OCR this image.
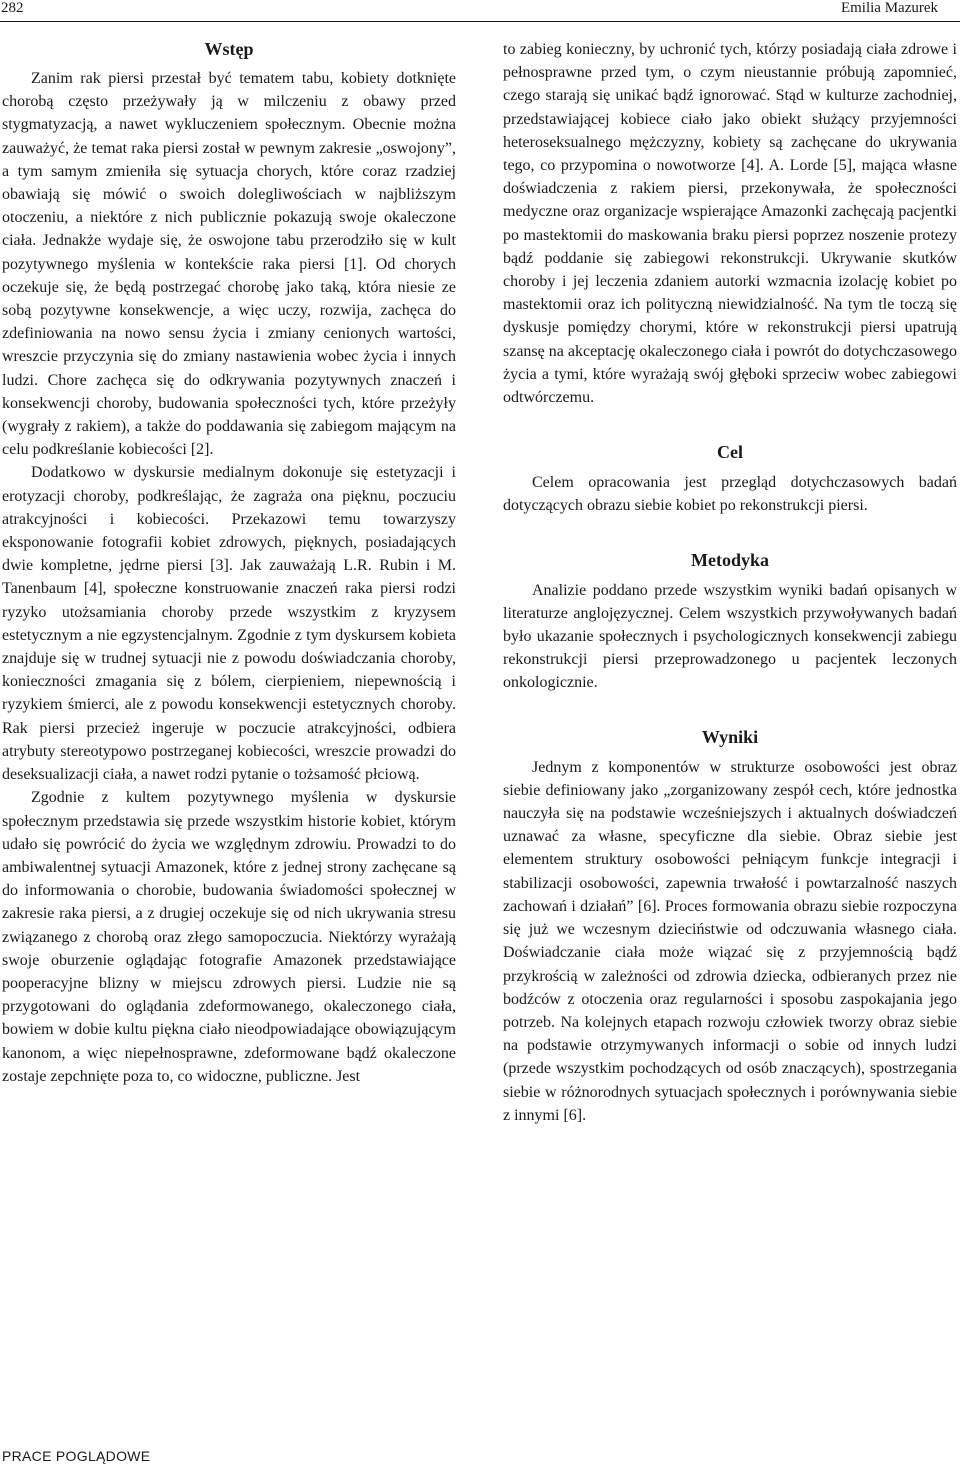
282	Emilia Mazurek
Wstęp

Zanim rak piersi przestał być tematem tabu, kobiety dotknięte chorobą często przeżywały ją w milczeniu z obawy przed stygmatyzacją, a nawet wykluczeniem społecznym. Obecnie można zauważyć, że temat raka piersi został w pewnym zakresie „oswojony”, a tym samym zmieniła się sytuacja chorych, które coraz rzadziej obawiają się mówić o swoich dolegliwościach w najbliższym otoczeniu, a niektóre z nich publicznie pokazują swoje okaleczone ciała. Jednakże wydaje się, że oswojone tabu przerodziło się w kult pozytywnego myślenia w kontekście raka piersi [1]. Od chorych oczekuje się, że będą postrzegać chorobę jako taką, która niesie ze sobą pozytywne konsekwencje, a więc uczy, rozwija, zachęca do zdefiniowania na nowo sensu życia i zmiany cenionych wartości, wreszcie przyczynia się do zmiany nastawienia wobec życia i innych ludzi. Chore zachęca się do odkrywania pozytywnych znaczeń i konsekwencji choroby, budowania społeczności tych, które przeżyły (wygrały z rakiem), a także do poddawania się zabiegom mającym na celu podkreślanie kobiecości [2].

Dodatkowo w dyskursie medialnym dokonuje się estetyzacji i erotyzacji choroby, podkreślając, że zagraża ona pięknu, poczuciu atrakcyjności i kobiecości. Przekazowi temu towarzyszy eksponowanie fotografii kobiet zdrowych, pięknych, posiadających dwie kompletne, jędrne piersi [3]. Jak zauważają L.R. Rubin i M. Tanenbaum [4], społeczne konstruowanie znaczeń raka piersi rodzi ryzyko utożsamiania choroby przede wszystkim z kryzysem estetycznym a nie egzystencjalnym. Zgodnie z tym dyskursem kobieta znajduje się w trudnej sytuacji nie z powodu doświadczania choroby, konieczności zmagania się z bólem, cierpieniem, niepewnością i ryzykiem śmierci, ale z powodu konsekwencji estetycznych choroby. Rak piersi przecież ingeruje w poczucie atrakcyjności, odbiera atrybuty stereotypowo postrzeganej kobiecości, wreszcie prowadzi do deseksualizacji ciała, a nawet rodzi pytanie o tożsamość płciową.

Zgodnie z kultem pozytywnego myślenia w dyskursie społecznym przedstawia się przede wszystkim historie kobiet, którym udało się powrócić do życia we względnym zdrowiu. Prowadzi to do ambiwalentnej sytuacji Amazonek, które z jednej strony zachęcane są do informowania o chorobie, budowania świadomości społecznej w zakresie raka piersi, a z drugiej oczekuje się od nich ukrywania stresu związanego z chorobą oraz złego samopoczucia. Niektórzy wyrażają swoje oburzenie oglądając fotografie Amazonek przedstawiające pooperacyjne blizny w miejscu zdrowych piersi. Ludzie nie są przygotowani do oglądania zdeformowanego, okaleczonego ciała, bowiem w dobie kultu piękna ciało nieodpowiadające obowiązującym kanonom, a więc niepełnosprawne, zdeformowane bądź okaleczone zostaje zepchnięte poza to, co widoczne, publiczne. Jest

to zabieg konieczny, by uchronić tych, którzy posiadają ciała zdrowe i pełnosprawne przed tym, o czym nieustannie próbują zapomnieć, czego starają się unikać bądź ignorować. Stąd w kulturze zachodniej, przedstawiającej kobiece ciało jako obiekt służący przyjemności heteroseksualnego mężczyzny, kobiety są zachęcane do ukrywania tego, co przypomina o nowotworze [4]. A. Lorde [5], mająca własne doświadczenia z rakiem piersi, przekonywała, że społeczności medyczne oraz organizacje wspierające Amazonki zachęcają pacjentki po mastektomii do maskowania braku piersi poprzez noszenie protezy bądź poddanie się zabiegowi rekonstrukcji. Ukrywanie skutków choroby i jej leczenia zdaniem autorki wzmacnia izolację kobiet po mastektomii oraz ich polityczną niewidzialność. Na tym tle toczą się dyskusje pomiędzy chorymi, które w rekonstrukcji piersi upatrują szansę na akceptację okaleczonego ciała i powrót do dotychczasowego życia a tymi, które wyrażają swój głęboki sprzeciw wobec zabiegowi odtwórczemu.

Cel

Celem opracowania jest przegląd dotychczasowych badań dotyczących obrazu siebie kobiet po rekonstrukcji piersi.

Metodyka

Analizie poddano przede wszystkim wyniki badań opisanych w literaturze anglojęzycznej. Celem wszystkich przywoływanych badań było ukazanie społecznych i psychologicznych konsekwencji zabiegu rekonstrukcji piersi przeprowadzonego u pacjentek leczonych onkologicznie.

Wyniki

Jednym z komponentów w strukturze osobowości jest obraz siebie definiowany jako „zorganizowany zespół cech, które jednostka nauczyła się na podstawie wcześniejszych i aktualnych doświadczeń uznawać za własne, specyficzne dla siebie. Obraz siebie jest elementem struktury osobowości pełniącym funkcje integracji i stabilizacji osobowości, zapewnia trwałość i powtarzalność naszych zachowań i działań” [6]. Proces formowania obrazu siebie rozpoczyna się już we wczesnym dzieciństwie od odczuwania własnego ciała. Doświadczanie ciała może wiązać się z przyjemnością bądź przykrością w zależności od zdrowia dziecka, odbieranych przez nie bodźców z otoczenia oraz regularności i sposobu zaspokajania jego potrzeb. Na kolejnych etapach rozwoju człowiek tworzy obraz siebie na podstawie otrzymywanych informacji o sobie od innych ludzi (przede wszystkim pochodzących od osób znaczących), spostrzegania siebie w różnorodnych sytuacjach społecznych i porównywania siebie z innymi [6].

PRACE POGLĄDOWE
